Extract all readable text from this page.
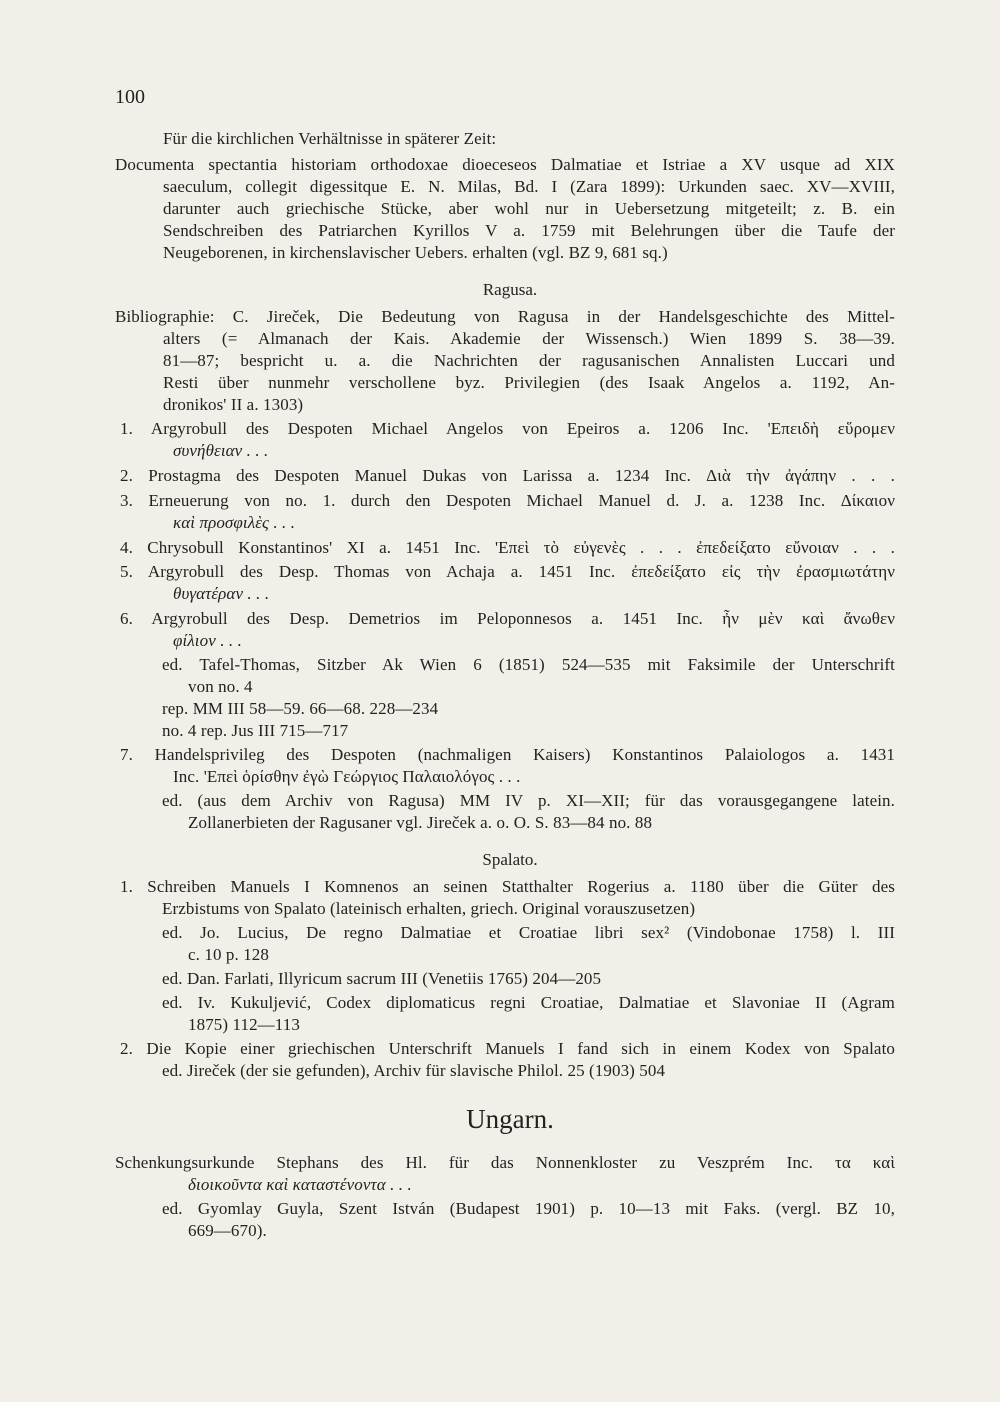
100
Für die kirchlichen Verhältnisse in späterer Zeit:
Documenta spectantia historiam orthodoxae dioeceseos Dalmatiae et Istriae a XV usque ad XIX
saeculum, collegit digessitque E. N. Milas, Bd. I (Zara 1899): Urkunden saec. XV—XVIII,
darunter auch griechische Stücke, aber wohl nur in Uebersetzung mitgeteilt; z. B. ein
Sendschreiben des Patriarchen Kyrillos V a. 1759 mit Belehrungen über die Taufe der
Neugeborenen, in kirchenslavischer Uebers. erhalten (vgl. BZ 9, 681 sq.)
Ragusa.
Bibliographie: C. Jireček, Die Bedeutung von Ragusa in der Handelsgeschichte des Mittel-
alters (= Almanach der Kais. Akademie der Wissensch.) Wien 1899 S. 38—39.
81—87; bespricht u. a. die Nachrichten der ragusanischen Annalisten Luccari und
Resti über nunmehr verschollene byz. Privilegien (des Isaak Angelos a. 1192, An-
dronikos' II a. 1303)
1. Argyrobull des Despoten Michael Angelos von Epeiros a. 1206 Inc. 'Επειδὴ εὕρομεν
συνήθειαν . . .
2. Prostagma des Despoten Manuel Dukas von Larissa a. 1234 Inc. Διὰ τὴν ἀγάπην . . .
3. Erneuerung von no. 1. durch den Despoten Michael Manuel d. J. a. 1238 Inc. Δίκαιον
καὶ προσφιλὲς . . .
4. Chrysobull Konstantinos' XI a. 1451 Inc. 'Επεὶ τὸ εὐγενὲς . . . ἐπεδείξατο εὔνοιαν . . .
5. Argyrobull des Desp. Thomas von Achaja a. 1451 Inc. ἐπεδείξατο εἰς τὴν ἐρασμιωτάτην
θυγατέραν . . .
6. Argyrobull des Desp. Demetrios im Peloponnesos a. 1451 Inc. ἦν μὲν καὶ ἄνωθεν
φίλιον . . .
ed. Tafel-Thomas, Sitzber Ak Wien 6 (1851) 524—535 mit Faksimile der Unterschrift
von no. 4
rep. MM III 58—59. 66—68. 228—234
no. 4 rep. Jus III 715—717
7. Handelsprivileg des Despoten (nachmaligen Kaisers) Konstantinos Palaiologos a. 1431
Inc. 'Επεὶ ὁρίσθην ἐγὼ Γεώργιος Παλαιολόγος . . .
ed. (aus dem Archiv von Ragusa) MM IV p. XI—XII; für das vorausgegangene latein.
Zollanerbieten der Ragusaner vgl. Jireček a. o. O. S. 83—84 no. 88
Spalato.
1. Schreiben Manuels I Komnenos an seinen Statthalter Rogerius a. 1180 über die Güter des
Erzbistums von Spalato (lateinisch erhalten, griech. Original vorauszusetzen)
ed. Jo. Lucius, De regno Dalmatiae et Croatiae libri sex² (Vindobonae 1758) l. III
c. 10 p. 128
ed. Dan. Farlati, Illyricum sacrum III (Venetiis 1765) 204—205
ed. Iv. Kukuljević, Codex diplomaticus regni Croatiae, Dalmatiae et Slavoniae II (Agram
1875) 112—113
2. Die Kopie einer griechischen Unterschrift Manuels I fand sich in einem Kodex von Spalato
ed. Jireček (der sie gefunden), Archiv für slavische Philol. 25 (1903) 504
Ungarn.
Schenkungsurkunde Stephans des Hl. für das Nonnenkloster zu Veszprém Inc. τα καὶ
διοικοῦντα καὶ καταστένοντα . . .
ed. Gyomlay Guyla, Szent István (Budapest 1901) p. 10—13 mit Faks. (vergl. BZ 10,
669—670).
